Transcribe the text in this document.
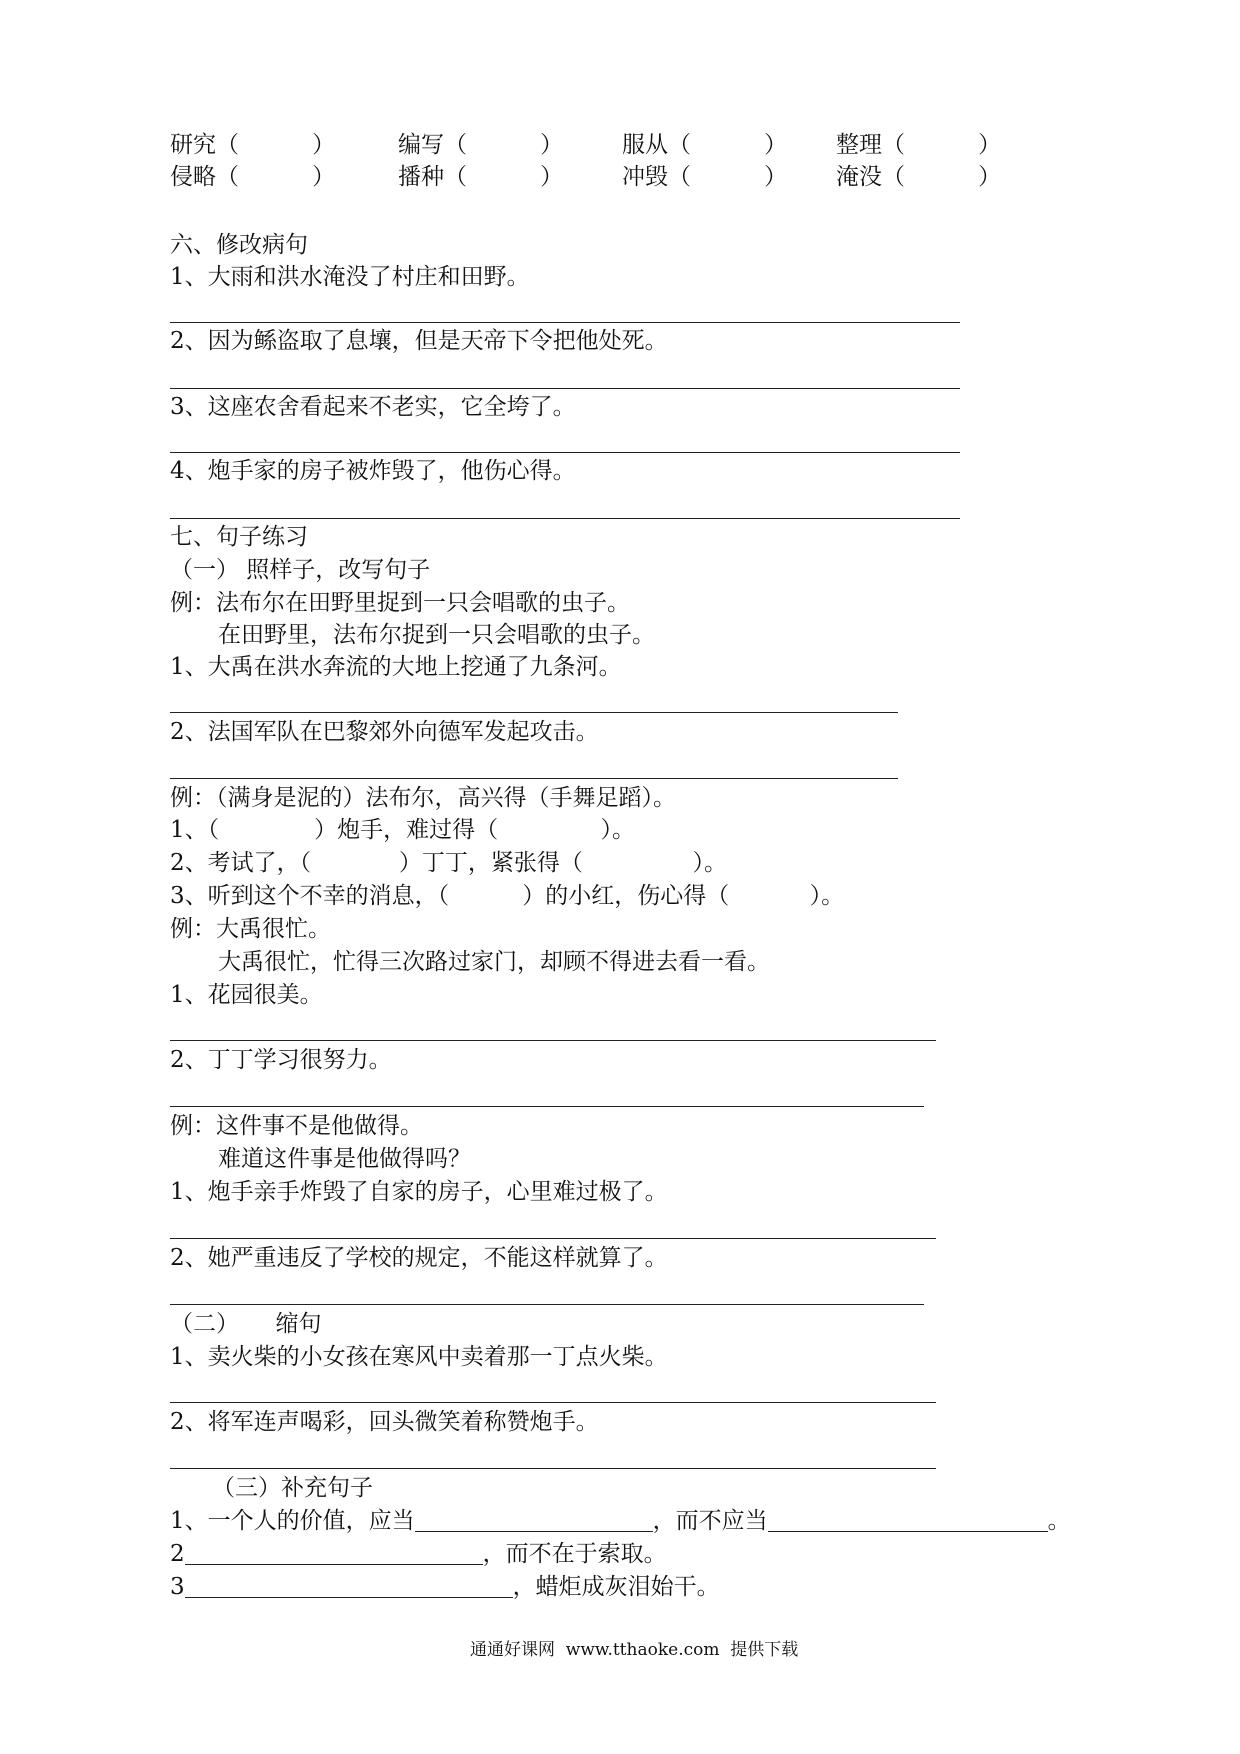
研究（          ）	编写（          ）	服从（          ） 整理（          ）
侵略（          ）	播种（          ）	冲毁（          ） 淹没（          ）
六、修改病句
1、大雨和洪水淹没了村庄和田野。
2、因为鲧盗取了息壤，但是天帝下令把他处死。
3、这座农舍看起来不老实，它全垮了。
4、炮手家的房子被炸毁了，他伤心得。
七、句子练习
（一） 照样子，改写句子
例：法布尔在田野里捉到一只会唱歌的虫子。
在田野里，法布尔捉到一只会唱歌的虫子。
1、大禹在洪水奔流的大地上挖通了九条河。
2、法国军队在巴黎郊外向德军发起攻击。
例：（满身是泥的）法布尔，高兴得（手舞足蹈）。
1、（             ）炮手，难过得（              ）。
2、考试了，（            ）丁丁，紧张得（               ）。
3、听到这个不幸的消息，（          ）的小红，伤心得（           ）。
例：大禹很忙。
大禹很忙，忙得三次路过家门，却顾不得进去看一看。
1、花园很美。
2、丁丁学习很努力。
例：这件事不是他做得。
难道这件事是他做得吗？
1、炮手亲手炸毁了自家的房子，心里难过极了。
2、她严重违反了学校的规定，不能这样就算了。
（二）     缩句
1、卖火柴的小女孩在寒风中卖着那一丁点火柴。
2、将军连声喝彩，回头微笑着称赞炮手。
（三）补充句子
1、一个人的价值，应当	，而不应当	。
2	，而不在于索取。
3	，蜡炬成灰泪始干。
通通好课网  www.tthaoke.com  提供下载
